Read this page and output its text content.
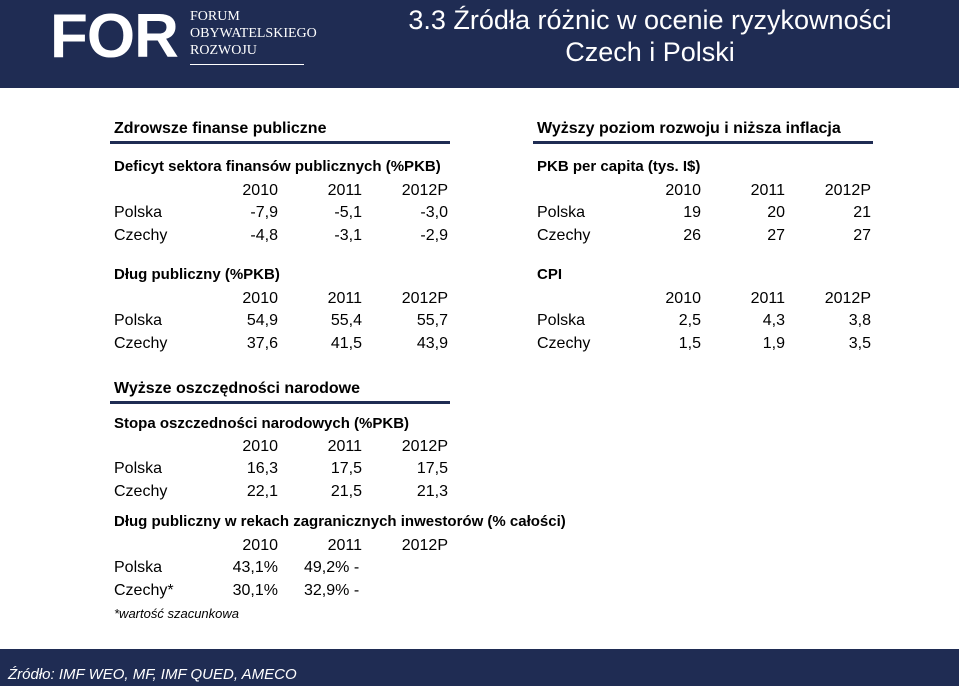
FOR FORUM
OBYWATELSKIEGO
ROZWOJU
3.3 Źródła różnic w ocenie ryzykowności
Czech i Polski
Zdrowsze finanse publiczne	Wyższy poziom rozwoju i niższa inflacja
Wyższe oszczędności narodowe
Deficyt sektora finansów publicznych (%PKB)
2010	2011	2012P
Polska	-7,9	-5,1	-3,0
Czechy	-4,8	-3,1	-2,9
Dług publiczny (%PKB)
2010	2011	2012P
Polska	54,9	55,4	55,7
Czechy	37,6	41,5	43,9
PKB per capita (tys. I$)
2010	2011	2012P
Polska	19	20	21
Czechy	26	27	27
CPI
2010	2011	2012P
Polska	2,5	4,3	3,8
Czechy	1,5	1,9	3,5
Stopa oszczedności narodowych (%PKB)
2010	2011	2012P
Polska	16,3	17,5	17,5
Czechy	22,1	21,5	21,3
Dług publiczny w rekach zagranicznych inwestorów (% całości)
2010	2011	2012P
Polska	43,1% 49,2% -
Czechy*	30,1% 32,9% -
*wartość szacunkowa
Źródło: IMF WEO, MF, IMF QUED, AMECO
